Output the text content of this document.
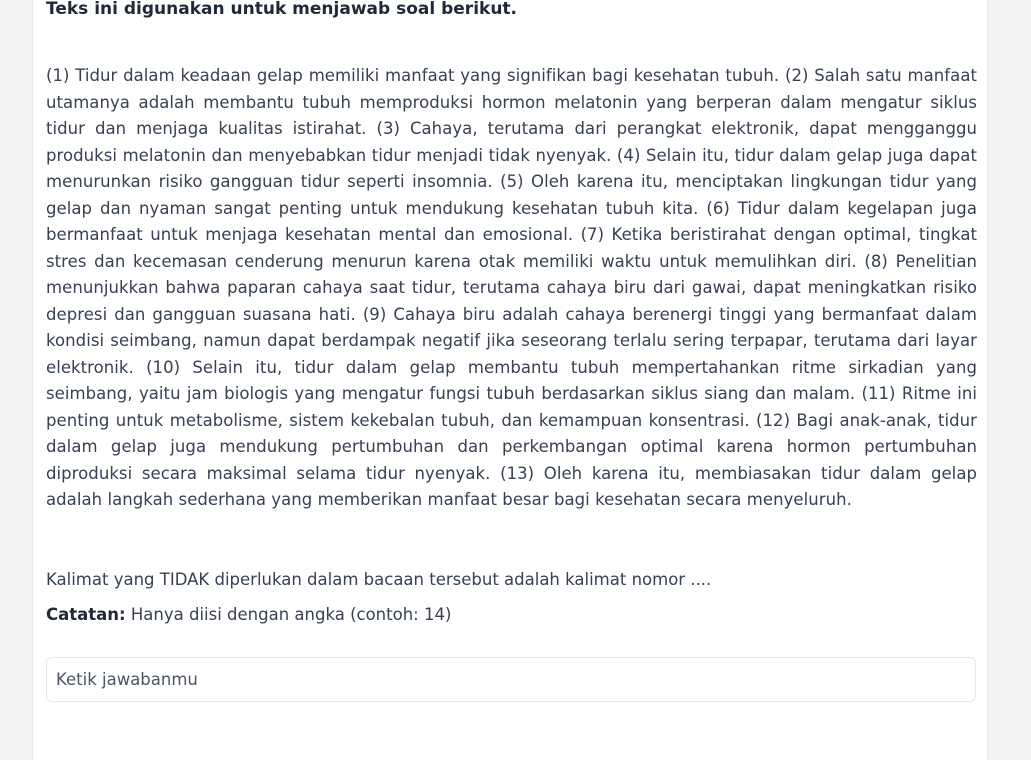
Teks ini digunakan untuk menjawab soal berikut.

(1) Tidur dalam keadaan gelap memiliki manfaat yang signifikan bagi kesehatan tubuh. (2) Salah satu manfaat utamanya adalah membantu tubuh memproduksi hormon melatonin yang berperan dalam mengatur siklus tidur dan menjaga kualitas istirahat. (3) Cahaya, terutama dari perangkat elektronik, dapat mengganggu produksi melatonin dan menyebabkan tidur menjadi tidak nyenyak. (4) Selain itu, tidur dalam gelap juga dapat menurunkan risiko gangguan tidur seperti insomnia. (5) Oleh karena itu, menciptakan lingkungan tidur yang gelap dan nyaman sangat penting untuk mendukung kesehatan tubuh kita. (6) Tidur dalam kegelapan juga bermanfaat untuk menjaga kesehatan mental dan emosional. (7) Ketika beristirahat dengan optimal, tingkat stres dan kecemasan cenderung menurun karena otak memiliki waktu untuk memulihkan diri. (8) Penelitian menunjukkan bahwa paparan cahaya saat tidur, terutama cahaya biru dari gawai, dapat meningkatkan risiko depresi dan gangguan suasana hati. (9) Cahaya biru adalah cahaya berenergi tinggi yang bermanfaat dalam kondisi seimbang, namun dapat berdampak negatif jika seseorang terlalu sering terpapar, terutama dari layar elektronik. (10) Selain itu, tidur dalam gelap membantu tubuh mempertahankan ritme sirkadian yang seimbang, yaitu jam biologis yang mengatur fungsi tubuh berdasarkan siklus siang dan malam. (11) Ritme ini penting untuk metabolisme, sistem kekebalan tubuh, dan kemampuan konsentrasi. (12) Bagi anak-anak, tidur dalam gelap juga mendukung pertumbuhan dan perkembangan optimal karena hormon pertumbuhan diproduksi secara maksimal selama tidur nyenyak. (13) Oleh karena itu, membiasakan tidur dalam gelap adalah langkah sederhana yang memberikan manfaat besar bagi kesehatan secara menyeluruh.

Kalimat yang TIDAK diperlukan dalam bacaan tersebut adalah kalimat nomor ....

Catatan: Hanya diisi dengan angka (contoh: 14)

Ketik jawabanmu
